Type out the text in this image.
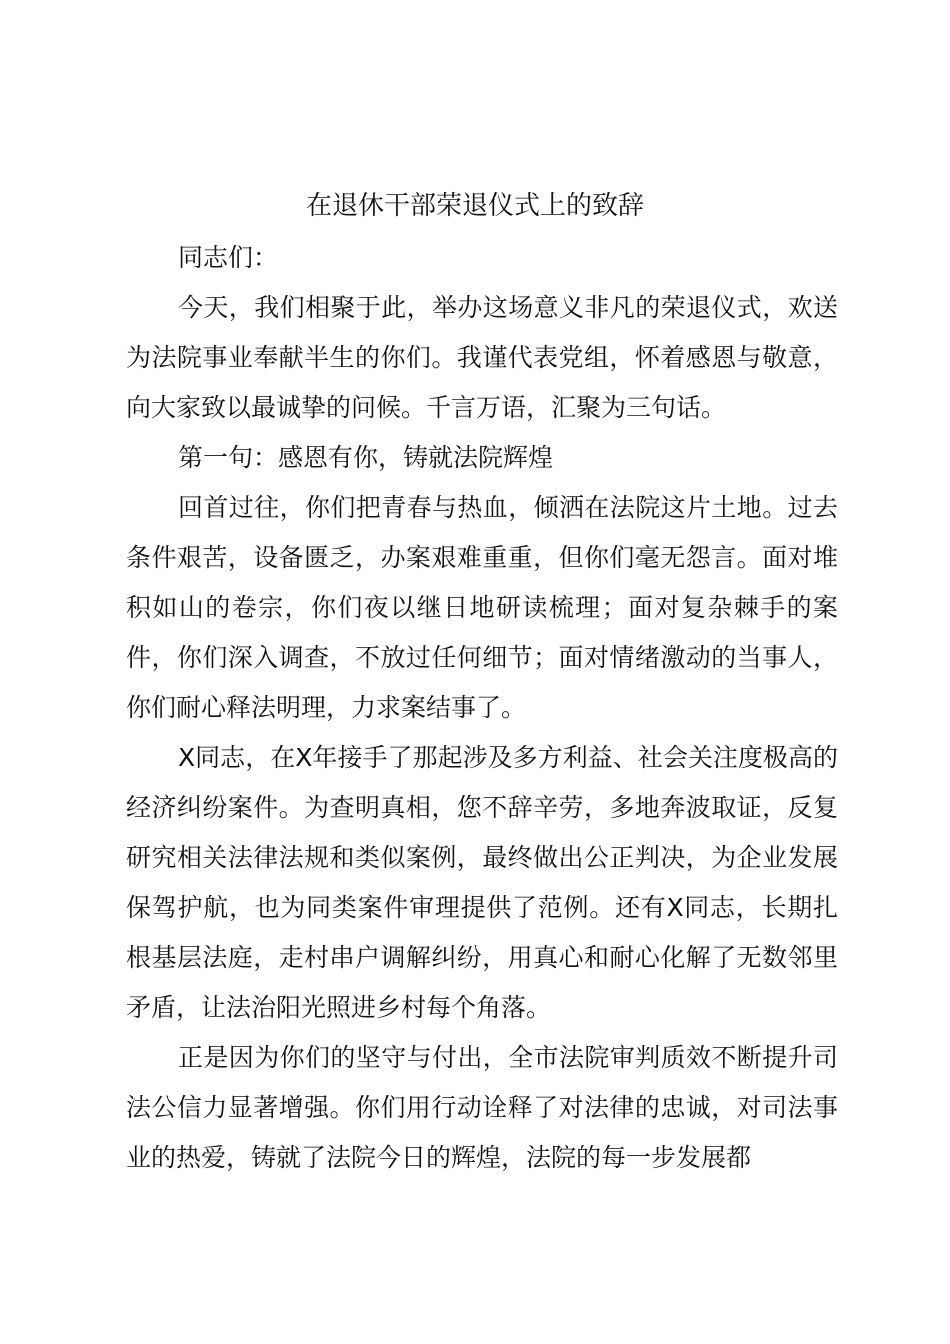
在退休干部荣退仪式上的致辞

同志们：

今天，我们相聚于此，举办这场意义非凡的荣退仪式，欢送为法院事业奉献半生的你们。我谨代表党组，怀着感恩与敬意，向大家致以最诚挚的问候。千言万语，汇聚为三句话。

第一句：感恩有你，铸就法院辉煌

回首过往，你们把青春与热血，倾洒在法院这片土地。过去条件艰苦，设备匮乏，办案艰难重重，但你们毫无怨言。面对堆积如山的卷宗，你们夜以继日地研读梳理；面对复杂棘手的案件，你们深入调查，不放过任何细节；面对情绪激动的当事人，你们耐心释法明理，力求案结事了。

X同志，在X年接手了那起涉及多方利益、社会关注度极高的经济纠纷案件。为查明真相，您不辞辛劳，多地奔波取证，反复研究相关法律法规和类似案例，最终做出公正判决，为企业发展保驾护航，也为同类案件审理提供了范例。还有X同志，长期扎根基层法庭，走村串户调解纠纷，用真心和耐心化解了无数邻里矛盾，让法治阳光照进乡村每个角落。

正是因为你们的坚守与付出，全市法院审判质效不断提升司法公信力显著增强。你们用行动诠释了对法律的忠诚，对司法事业的热爱，铸就了法院今日的辉煌，法院的每一步发展都
